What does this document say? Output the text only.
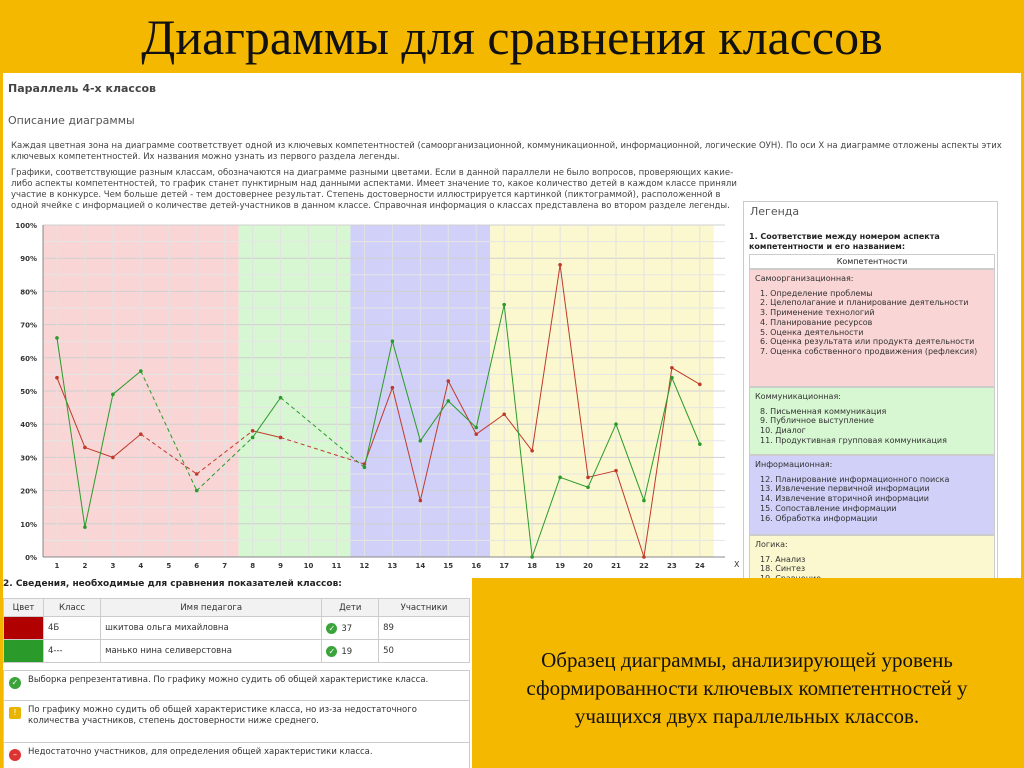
Диаграммы для сравнения классов
Параллель 4-х классов
Описание диаграммы
Каждая цветная зона на диаграмме соответствует одной из ключевых компетентностей (самоорганизационной, коммуникационной, информационной, логические ОУН). По оси X на диаграмме отложены аспекты этих ключевых компетентностей. Их названия можно узнать из первого раздела легенды.
Графики, соответствующие разным классам, обозначаются на диаграмме разными цветами. Если в данной параллели не было вопросов, проверяющих какие-либо аспекты компетентностей, то график станет пунктирным над данными аспектами. Имеет значение то, какое количество детей в каждом классе приняли участие в конкурсе. Чем больше детей - тем достовернее результат. Степень достоверности иллюстрируется картинкой (пиктограммой), расположенной в одной ячейке с информацией о количестве детей-участников в данном классе. Справочная информация о классах представлена во втором разделе легенды.
0%
10%
20%
30%
40%
50%
60%
70%
80%
90%
100%
1	2	3	4	5	6	7	8	9	10	11	12	13	14	15	16	17	18	19	20	21	22	23	24	X
Легенда
1. Соответствие между номером аспекта компетентности и его названием:
Компетентности
Самоорганизационная:
1. Определение проблемы
2. Целеполагание и планирование деятельности
3. Применение технологий
4. Планирование ресурсов
5. Оценка деятельности
6. Оценка результата или продукта деятельности
7. Оценка собственного продвижения (рефлексия)
Коммуникационная:
8. Письменная коммуникация
9. Публичное выступление
10. Диалог
11. Продуктивная групповая коммуникация
Информационная:
12. Планирование информационного поиска
13. Извлечение первичной информации
14. Извлечение вторичной информации
15. Сопоставление информации
16. Обработка информации
Логика:
17. Анализ
18. Синтез
2. Сведения, необходимые для сравнения показателей классов:
Цвет	Класс	Имя педагога	Дети	Участники
	4Б	шкитова ольга михайловна	✓ 37	89
	4---	манько нина селиверстовна	✓ 19	50
✓	Выборка репрезентативна. По графику можно судить об общей характеристике класса.
!	По графику можно судить об общей характеристике класса, но из-за недостаточного количества участников, степень достоверности ниже среднего.
–	Недостаточно участников, для определения общей характеристики класса.
Образец диаграммы, анализирующей уровень сформированности ключевых компетентностей у учащихся двух параллельных классов.
